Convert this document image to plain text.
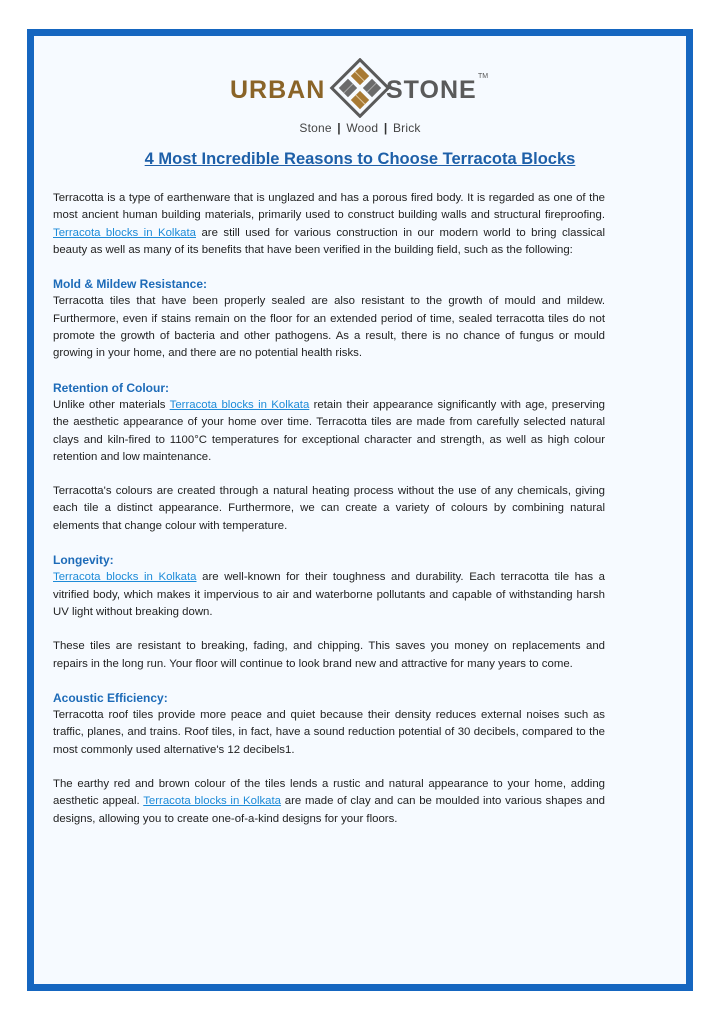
URBAN STONE TM
Stone | Wood | Brick
4 Most Incredible Reasons to Choose Terracota Blocks

Terracotta is a type of earthenware that is unglazed and has a porous fired body. It is regarded as one of the most ancient human building materials, primarily used to construct building walls and structural fireproofing. Terracota blocks in Kolkata are still used for various construction in our modern world to bring classical beauty as well as many of its benefits that have been verified in the building field, such as the following:

Mold & Mildew Resistance:

Terracotta tiles that have been properly sealed are also resistant to the growth of mould and mildew. Furthermore, even if stains remain on the floor for an extended period of time, sealed terracotta tiles do not promote the growth of bacteria and other pathogens. As a result, there is no chance of fungus or mould growing in your home, and there are no potential health risks.

Retention of Colour:

Unlike other materials Terracota blocks in Kolkata retain their appearance significantly with age, preserving the aesthetic appearance of your home over time. Terracotta tiles are made from carefully selected natural clays and kiln-fired to 1100°C temperatures for exceptional character and strength, as well as high colour retention and low maintenance.

Terracotta's colours are created through a natural heating process without the use of any chemicals, giving each tile a distinct appearance. Furthermore, we can create a variety of colours by combining natural elements that change colour with temperature.

Longevity:

Terracota blocks in Kolkata are well-known for their toughness and durability. Each terracotta tile has a vitrified body, which makes it impervious to air and waterborne pollutants and capable of withstanding harsh UV light without breaking down.

These tiles are resistant to breaking, fading, and chipping. This saves you money on replacements and repairs in the long run. Your floor will continue to look brand new and attractive for many years to come.

Acoustic Efficiency:

Terracotta roof tiles provide more peace and quiet because their density reduces external noises such as traffic, planes, and trains. Roof tiles, in fact, have a sound reduction potential of 30 decibels, compared to the most commonly used alternative's 12 decibels1.

The earthy red and brown colour of the tiles lends a rustic and natural appearance to your home, adding aesthetic appeal. Terracota blocks in Kolkata are made of clay and can be moulded into various shapes and designs, allowing you to create one-of-a-kind designs for your floors.
